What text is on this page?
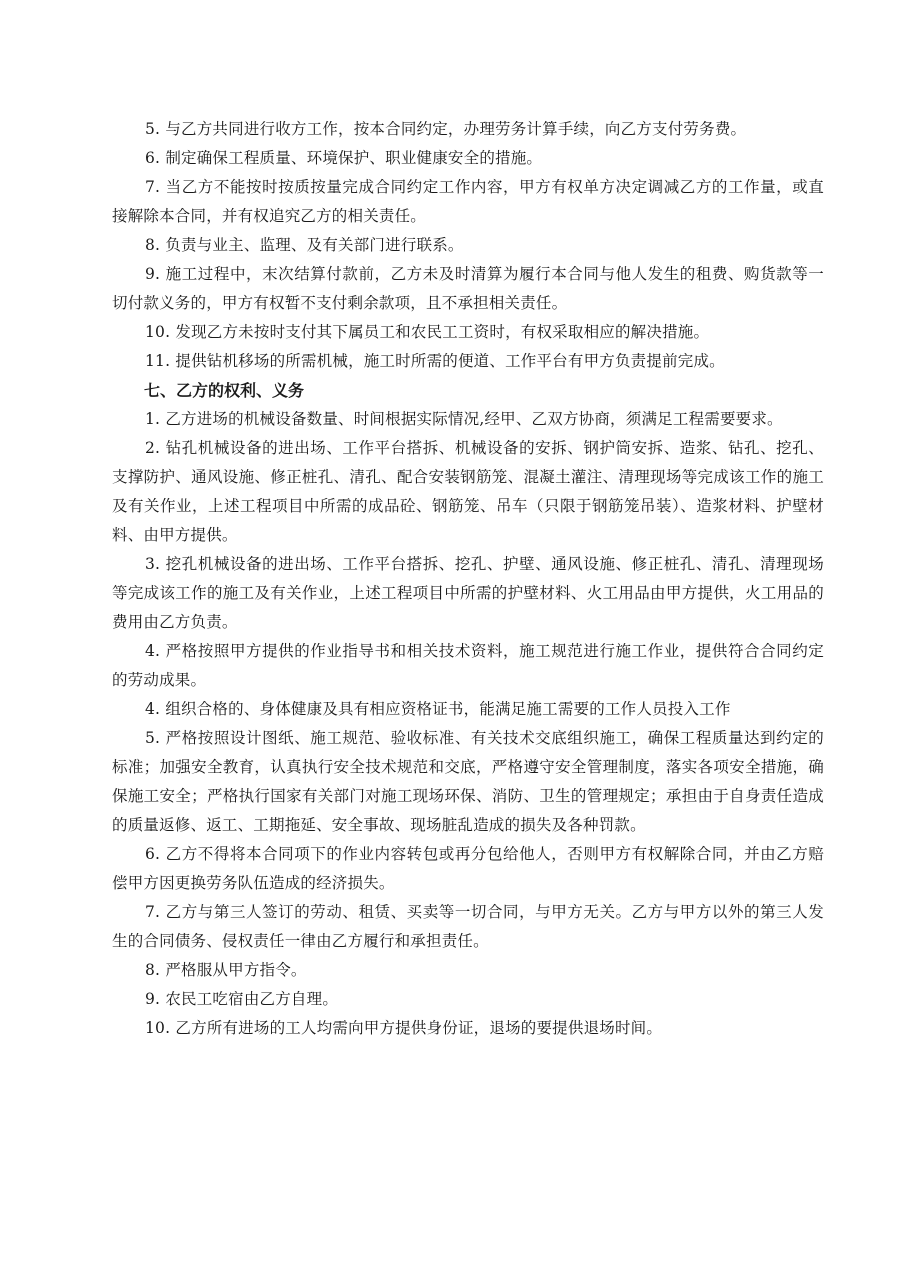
5. 与乙方共同进行收方工作，按本合同约定，办理劳务计算手续，向乙方支付劳务费。

6. 制定确保工程质量、环境保护、职业健康安全的措施。

7. 当乙方不能按时按质按量完成合同约定工作内容，甲方有权单方决定调减乙方的工作量，或直接解除本合同，并有权追究乙方的相关责任。

8. 负责与业主、监理、及有关部门进行联系。

9. 施工过程中，末次结算付款前，乙方未及时清算为履行本合同与他人发生的租费、购货款等一切付款义务的，甲方有权暂不支付剩余款项，且不承担相关责任。

10. 发现乙方未按时支付其下属员工和农民工工资时，有权采取相应的解决措施。

11. 提供钻机移场的所需机械，施工时所需的便道、工作平台有甲方负责提前完成。

七、乙方的权利、义务

1. 乙方进场的机械设备数量、时间根据实际情况,经甲、乙双方协商，须满足工程需要要求。

2. 钻孔机械设备的进出场、工作平台搭拆、机械设备的安拆、钢护筒安拆、造浆、钻孔、挖孔、支撑防护、通风设施、修正桩孔、清孔、配合安装钢筋笼、混凝土灌注、清理现场等完成该工作的施工及有关作业，上述工程项目中所需的成品砼、钢筋笼、吊车（只限于钢筋笼吊装）、造浆材料、护壁材料、由甲方提供。

3. 挖孔机械设备的进出场、工作平台搭拆、挖孔、护壁、通风设施、修正桩孔、清孔、清理现场等完成该工作的施工及有关作业，上述工程项目中所需的护壁材料、火工用品由甲方提供，火工用品的费用由乙方负责。

4. 严格按照甲方提供的作业指导书和相关技术资料，施工规范进行施工作业，提供符合合同约定的劳动成果。

4. 组织合格的、身体健康及具有相应资格证书，能满足施工需要的工作人员投入工作

5. 严格按照设计图纸、施工规范、验收标准、有关技术交底组织施工，确保工程质量达到约定的标准；加强安全教育，认真执行安全技术规范和交底，严格遵守安全管理制度，落实各项安全措施，确保施工安全；严格执行国家有关部门对施工现场环保、消防、卫生的管理规定；承担由于自身责任造成的质量返修、返工、工期拖延、安全事故、现场脏乱造成的损失及各种罚款。

6. 乙方不得将本合同项下的作业内容转包或再分包给他人，否则甲方有权解除合同，并由乙方赔偿甲方因更换劳务队伍造成的经济损失。

7. 乙方与第三人签订的劳动、租赁、买卖等一切合同，与甲方无关。乙方与甲方以外的第三人发生的合同债务、侵权责任一律由乙方履行和承担责任。

8. 严格服从甲方指令。

9. 农民工吃宿由乙方自理。

10. 乙方所有进场的工人均需向甲方提供身份证，退场的要提供退场时间。
